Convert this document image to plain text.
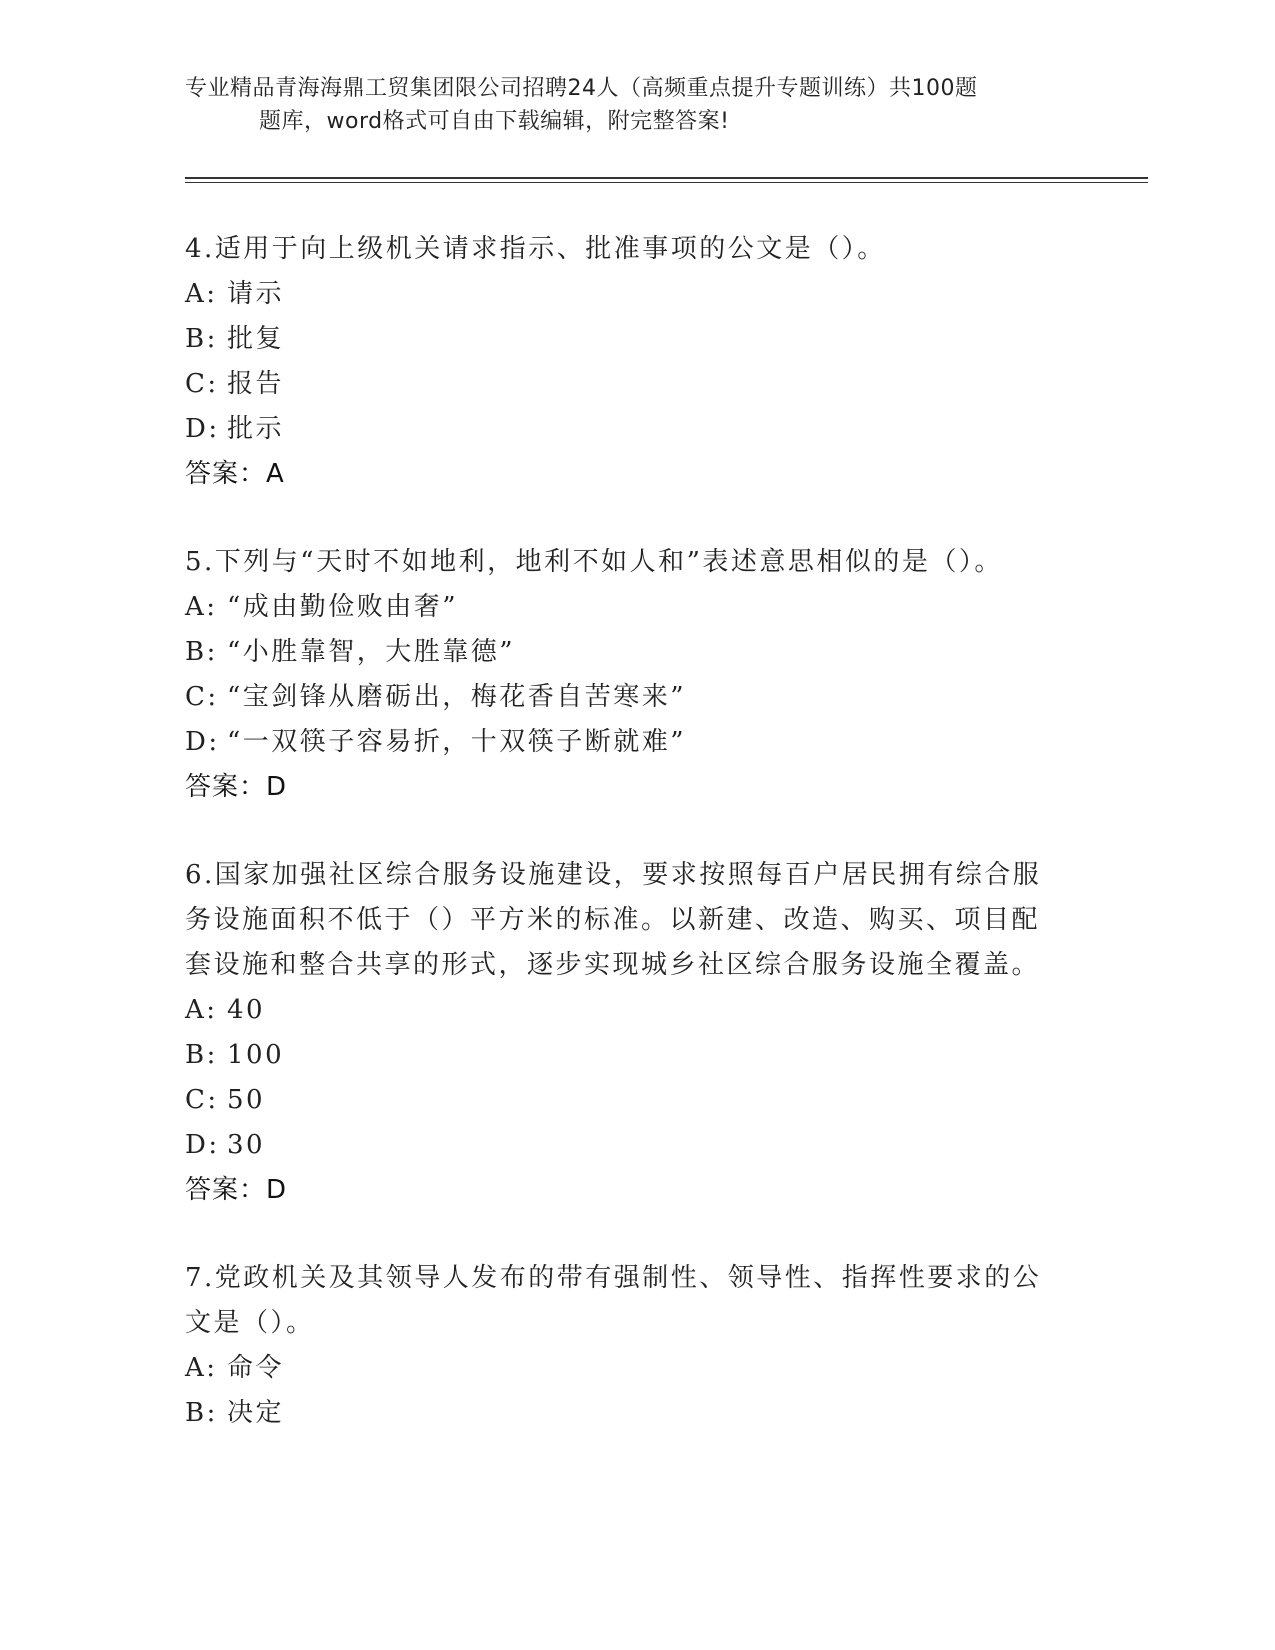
专业精品青海海鼎工贸集团限公司招聘24人（高频重点提升专题训练）共100题
题库，word格式可自由下载编辑，附完整答案!

4.适用于向上级机关请求指示、批准事项的公文是（）。

A: 请示

B: 批复

C: 报告

D: 批示

答案：A

5.下列与“天时不如地利，地利不如人和”表述意思相似的是（）。

A: “成由勤俭败由奢”

B: “小胜靠智，大胜靠德”

C: “宝剑锋从磨砺出，梅花香自苦寒来”

D: “一双筷子容易折，十双筷子断就难”

答案：D

6.国家加强社区综合服务设施建设，要求按照每百户居民拥有综合服务设施面积不低于（）平方米的标准。以新建、改造、购买、项目配套设施和整合共享的形式，逐步实现城乡社区综合服务设施全覆盖。

A: 40

B: 100

C: 50

D: 30

答案：D

7.党政机关及其领导人发布的带有强制性、领导性、指挥性要求的公文是（）。

A: 命令

B: 决定
